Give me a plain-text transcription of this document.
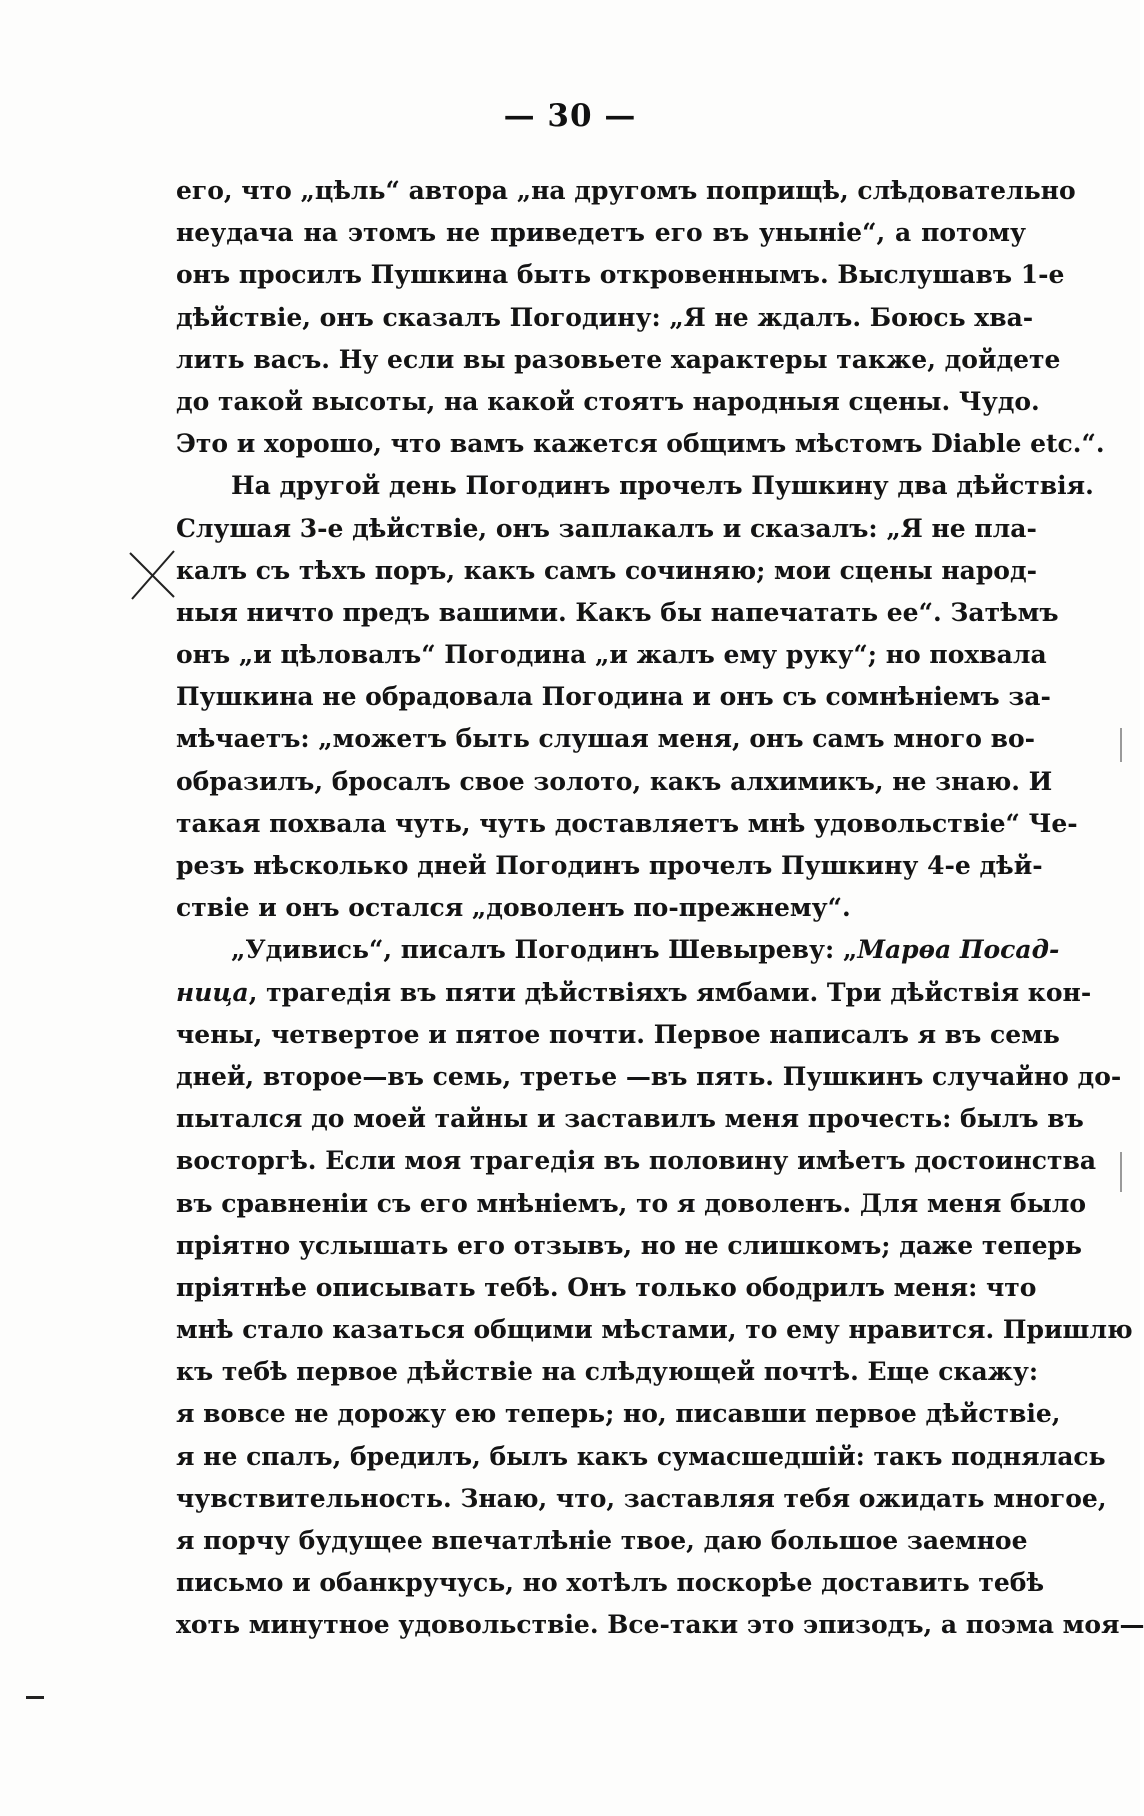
— 30 —
его, что „цѣль“ автора „на другомъ поприщѣ, слѣдовательно
неудача на этомъ не приведетъ его въ уныніе“, а потому
онъ просилъ Пушкина быть откровеннымъ. Выслушавъ 1-е
дѣйствіе, онъ сказалъ Погодину: „Я не ждалъ. Боюсь хва-
лить васъ. Ну если вы разовьете характеры также, дойдете
до такой высоты, на какой стоятъ народныя сцены. Чудо.
Это и хорошо, что вамъ кажется общимъ мѣстомъ Diable etc.“.
На другой день Погодинъ прочелъ Пушкину два дѣйствія.
Слушая 3-е дѣйствіе, онъ заплакалъ и сказалъ: „Я не пла-
калъ съ тѣхъ поръ, какъ самъ сочиняю; мои сцены народ-
ныя ничто предъ вашими. Какъ бы напечатать ее“. Затѣмъ
онъ „и цѣловалъ“ Погодина „и жалъ ему руку“; но похвала
Пушкина не обрадовала Погодина и онъ съ сомнѣніемъ за-
мѣчаетъ: „можетъ быть слушая меня, онъ самъ много во-
образилъ, бросалъ свое золото, какъ алхимикъ, не знаю. И
такая похвала чуть, чуть доставляетъ мнѣ удовольствіе“ Че-
резъ нѣсколько дней Погодинъ прочелъ Пушкину 4-е дѣй-
ствіе и онъ остался „доволенъ по-прежнему“.
„Удивись“, писалъ Погодинъ Шевыреву: „Марѳа Посад-
ница, трагедія въ пяти дѣйствіяхъ ямбами. Три дѣйствія кон-
чены, четвертое и пятое почти. Первое написалъ я въ семь
дней, второе—въ семь, третье —въ пять. Пушкинъ случайно до-
пытался до моей тайны и заставилъ меня прочесть: былъ въ
восторгѣ. Если моя трагедія въ половину имѣетъ достоинства
въ сравненіи съ его мнѣніемъ, то я доволенъ. Для меня было
пріятно услышать его отзывъ, но не слишкомъ; даже теперь
пріятнѣе описывать тебѣ. Онъ только ободрилъ меня: что
мнѣ стало казаться общими мѣстами, то ему нравится. Пришлю
къ тебѣ первое дѣйствіе на слѣдующей почтѣ. Еще скажу:
я вовсе не дорожу ею теперь; но, писавши первое дѣйствіе,
я не спалъ, бредилъ, былъ какъ сумасшедшій: такъ поднялась
чувствительность. Знаю, что, заставляя тебя ожидать многое,
я порчу будущее впечатлѣніе твое, даю большое заемное
письмо и обанкручусь, но хотѣлъ поскорѣе доставить тебѣ
хоть минутное удовольствіе. Все-таки это эпизодъ, а поэма моя—
